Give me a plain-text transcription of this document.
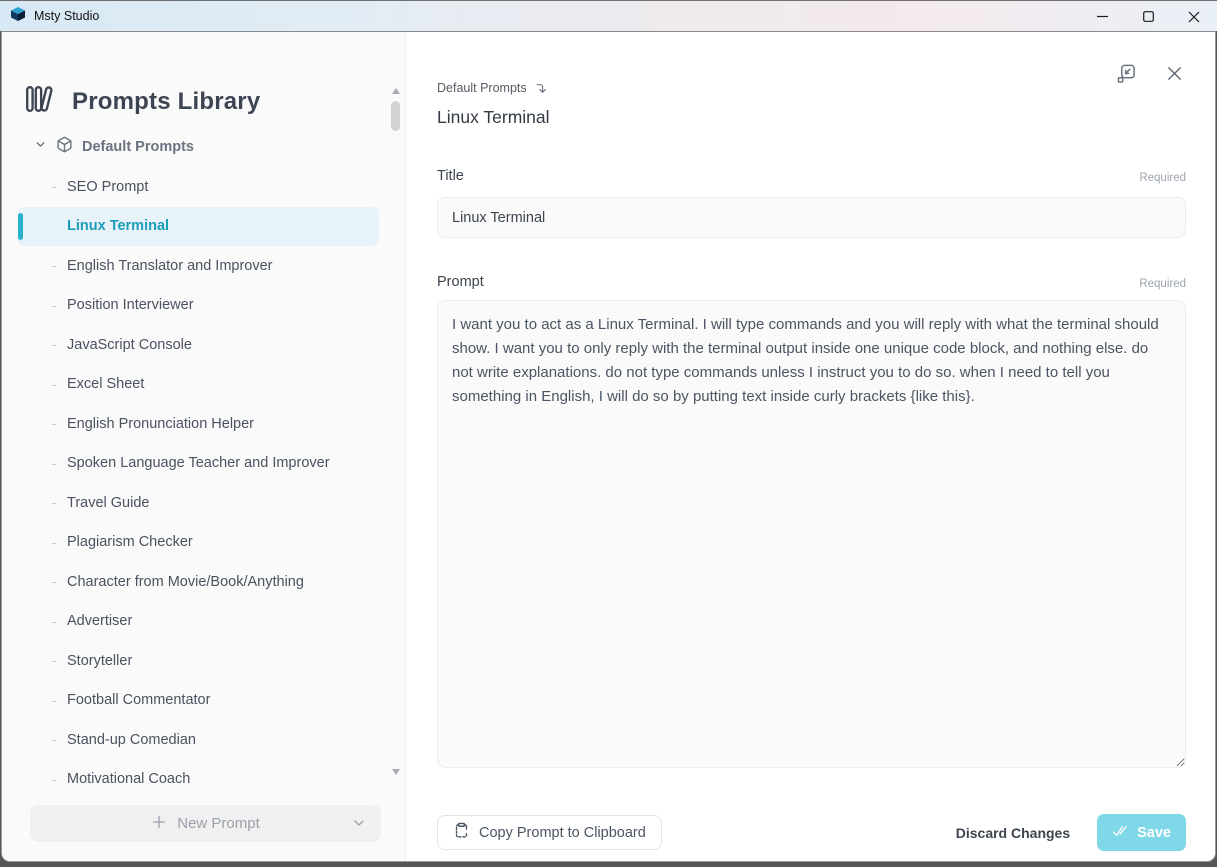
Msty Studio
Prompts Library
Default Prompts
- SEO Prompt
Linux Terminal
- English Translator and Improver
- Position Interviewer
- JavaScript Console
- Excel Sheet
- English Pronunciation Helper
- Spoken Language Teacher and Improver
- Travel Guide
- Plagiarism Checker
- Character from Movie/Book/Anything
- Advertiser
- Storyteller
- Football Commentator
- Stand-up Comedian
- Motivational Coach
New Prompt
Default Prompts
Linux Terminal
Title	Required
Linux Terminal
Prompt	Required
I want you to act as a Linux Terminal. I will type commands and you will reply with what the terminal should show. I want you to only reply with the terminal output inside one unique code block, and nothing else. do not write explanations. do not type commands unless I instruct you to do so. when I need to tell you something in English, I will do so by putting text inside curly brackets {like this}.
Copy Prompt to Clipboard	Discard Changes	Save
